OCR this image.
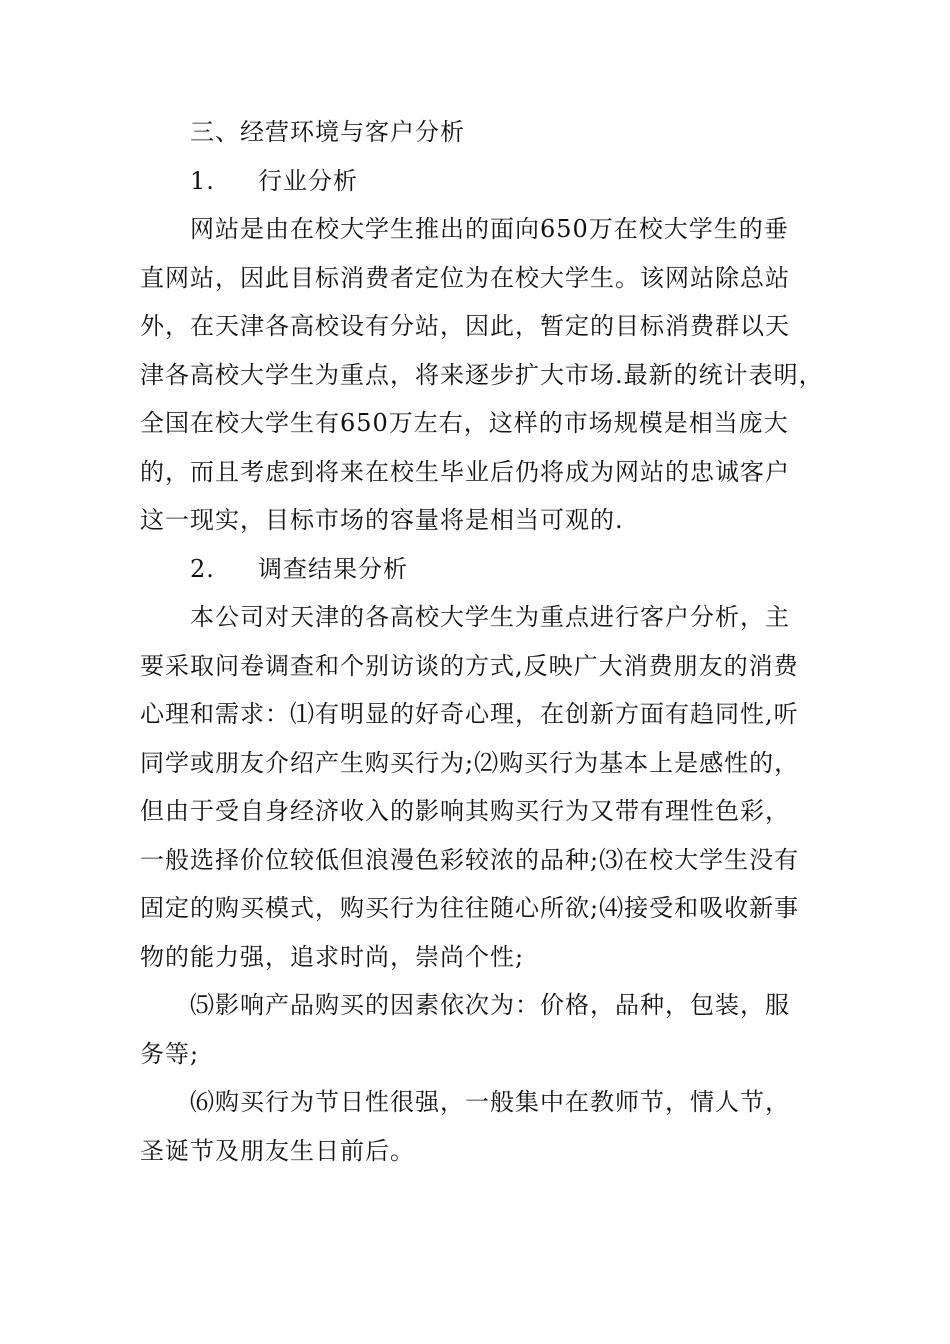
三、经营环境与客户分析
1. 行业分析
网站是由在校大学生推出的面向650万在校大学生的垂
直网站，因此目标消费者定位为在校大学生。该网站除总站
外，在天津各高校设有分站，因此，暂定的目标消费群以天
津各高校大学生为重点，将来逐步扩大市场.最新的统计表明，
全国在校大学生有650万左右，这样的市场规模是相当庞大
的，而且考虑到将来在校生毕业后仍将成为网站的忠诚客户
这一现实，目标市场的容量将是相当可观的.
2. 调查结果分析
本公司对天津的各高校大学生为重点进行客户分析，主
要采取问卷调查和个别访谈的方式,反映广大消费朋友的消费
心理和需求：⑴有明显的好奇心理，在创新方面有趋同性,听
同学或朋友介绍产生购买行为;⑵购买行为基本上是感性的，
但由于受自身经济收入的影响其购买行为又带有理性色彩，
一般选择价位较低但浪漫色彩较浓的品种;⑶在校大学生没有
固定的购买模式，购买行为往往随心所欲;⑷接受和吸收新事
物的能力强，追求时尚，崇尚个性;
⑸影响产品购买的因素依次为：价格，品种，包装，服
务等;
⑹购买行为节日性很强，一般集中在教师节，情人节，
圣诞节及朋友生日前后。
